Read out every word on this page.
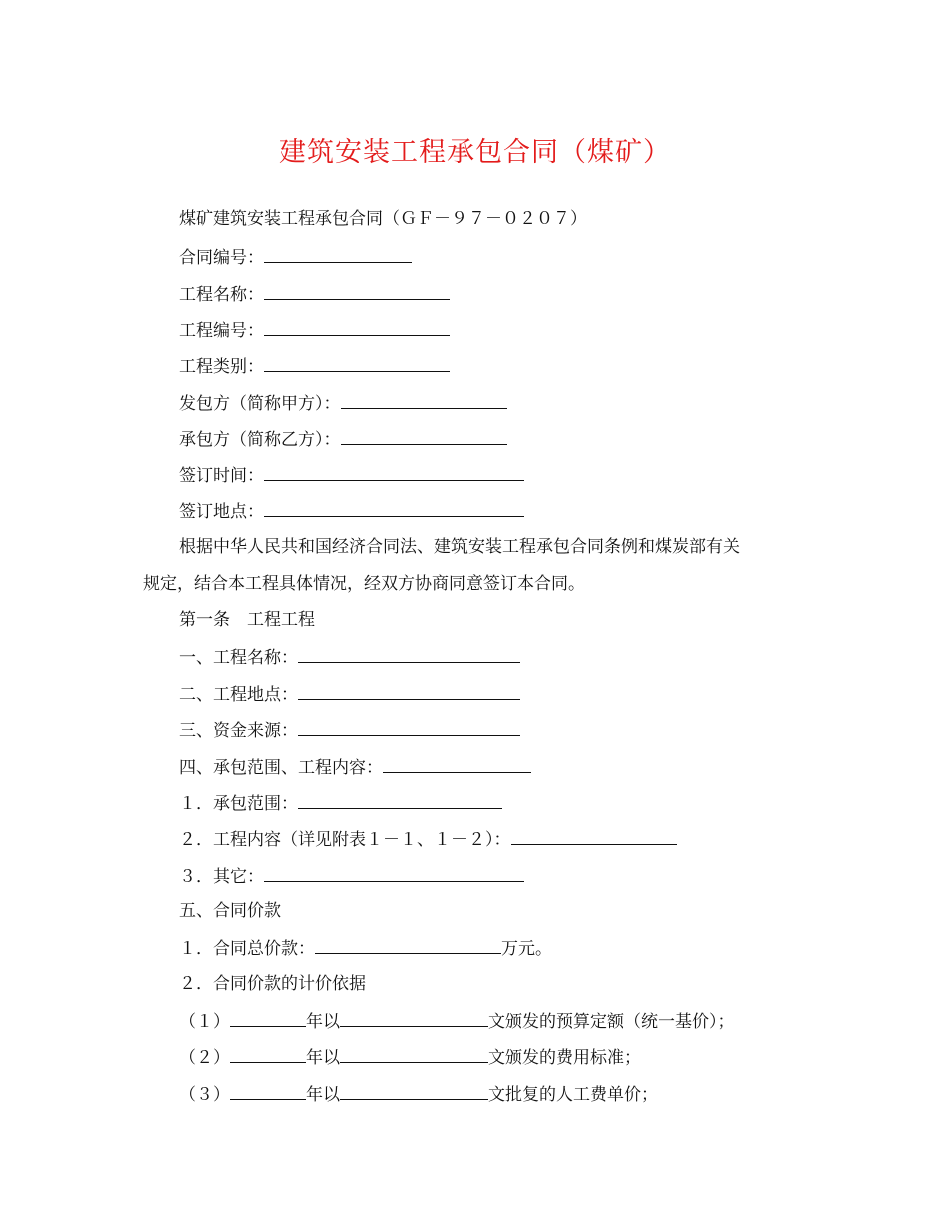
建筑安装工程承包合同（煤矿）
煤矿建筑安装工程承包合同（ＧＦ－９７－０２０７）
合同编号：
工程名称：
工程编号：
工程类别：
发包方（简称甲方）：
承包方（简称乙方）：
签订时间：
签订地点：
根据中华人民共和国经济合同法、建筑安装工程承包合同条例和煤炭部有关
规定，结合本工程具体情况，经双方协商同意签订本合同。
第一条　工程工程
一、工程名称：
二、工程地点：
三、资金来源：
四、承包范围、工程内容：
１．承包范围：
２．工程内容（详见附表１－１、１－２）：
３．其它：
五、合同价款
１．合同总价款：	万元。
２．合同价款的计价依据
（１）	年以	文颁发的预算定额（统一基价）；
（２）	年以	文颁发的费用标准；
（３）	年以	文批复的人工费单价；
